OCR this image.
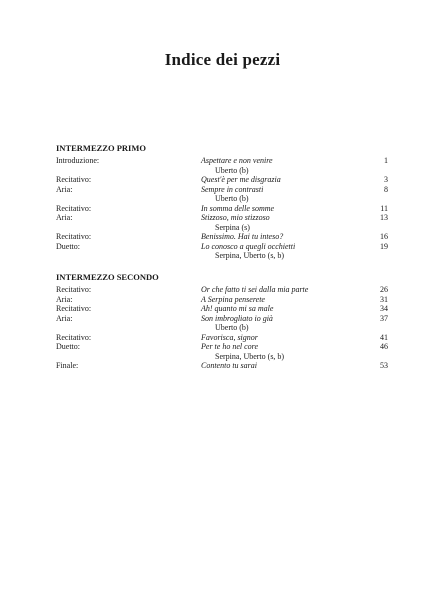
Indice dei pezzi
INTERMEZZO PRIMO
Introduzione:	Aspettare e non venire	1
Uberto (b)
Recitativo:	Quest'è per me disgrazia	3
Aria:	Sempre in contrasti	8
Uberto (b)
Recitativo:	In somma delle somme	11
Aria:	Stizzoso, mio stizzoso	13
Serpina (s)
Recitativo:	Benissimo. Hai tu inteso?	16
Duetto:	Lo conosco a quegli occhietti	19
Serpina, Uberto (s, b)
INTERMEZZO SECONDO
Recitativo:	Or che fatto ti sei dalla mia parte	26
Aria:	A Serpina penserete	31
Recitativo:	Ah! quanto mi sa male	34
Aria:	Son imbrogliato io già	37
Uberto (b)
Recitativo:	Favorisca, signor	41
Duetto:	Per te ho nel core	46
Serpina, Uberto (s, b)
Finale:	Contento tu sarai	53
